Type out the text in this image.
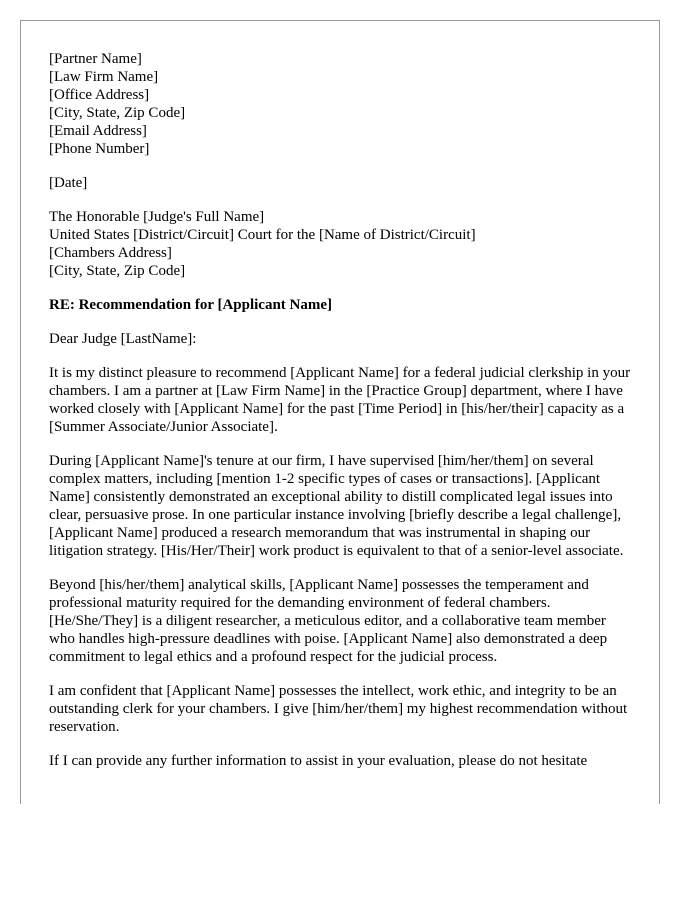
[Partner Name]
[Law Firm Name]
[Office Address]
[City, State, Zip Code]
[Email Address]
[Phone Number]
[Date]
The Honorable [Judge's Full Name]
United States [District/Circuit] Court for the [Name of District/Circuit]
[Chambers Address]
[City, State, Zip Code]
RE: Recommendation for [Applicant Name]
Dear Judge [LastName]:

It is my distinct pleasure to recommend [Applicant Name] for a federal judicial clerkship in your chambers. I am a partner at [Law Firm Name] in the [Practice Group] department, where I have worked closely with [Applicant Name] for the past [Time Period] in [his/her/their] capacity as a [Summer Associate/Junior Associate].

During [Applicant Name]'s tenure at our firm, I have supervised [him/her/them] on several complex matters, including [mention 1-2 specific types of cases or transactions]. [Applicant Name] consistently demonstrated an exceptional ability to distill complicated legal issues into clear, persuasive prose. In one particular instance involving [briefly describe a legal challenge], [Applicant Name] produced a research memorandum that was instrumental in shaping our litigation strategy. [His/Her/Their] work product is equivalent to that of a senior-level associate.

Beyond [his/her/them] analytical skills, [Applicant Name] possesses the temperament and professional maturity required for the demanding environment of federal chambers. [He/She/They] is a diligent researcher, a meticulous editor, and a collaborative team member who handles high-pressure deadlines with poise. [Applicant Name] also demonstrated a deep commitment to legal ethics and a profound respect for the judicial process.

I am confident that [Applicant Name] possesses the intellect, work ethic, and integrity to be an outstanding clerk for your chambers. I give [him/her/them] my highest recommendation without reservation.

If I can provide any further information to assist in your evaluation, please do not hesitate
